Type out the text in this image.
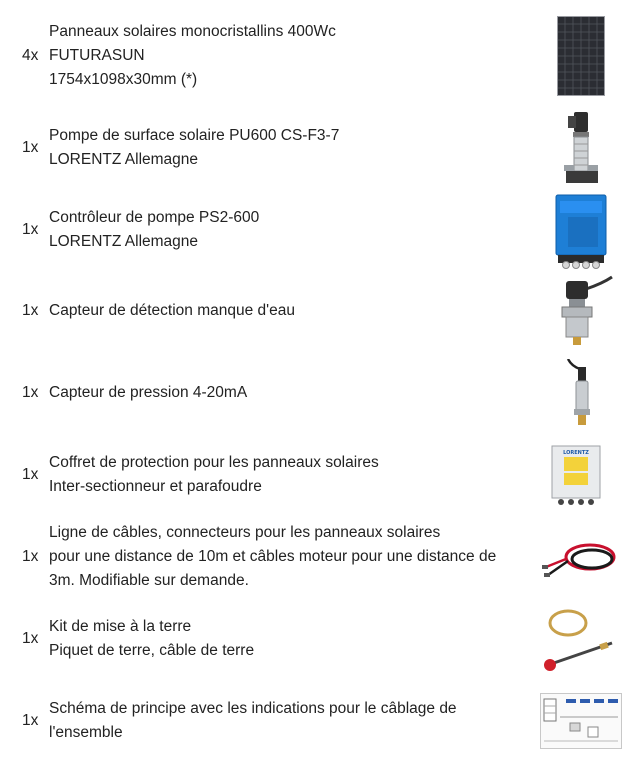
4x
Panneaux solaires monocristallins 400Wc
FUTURASUN
1754x1098x30mm (*)
1x
Pompe de surface solaire PU600 CS-F3-7
LORENTZ Allemagne
1x
Contrôleur de pompe PS2-600
LORENTZ Allemagne
1x Capteur de détection manque d'eau
1x Capteur de pression 4-20mA
1x
Coffret de protection pour les panneaux solaires
Inter-sectionneur et parafoudre
LORENTZ
1x
Ligne de câbles, connecteurs pour les panneaux solaires
pour une distance de 10m et câbles moteur pour une distance de
3m. Modifiable sur demande.
1x
Kit de mise à la terre
Piquet de terre, câble de terre
1x
Schéma de principe avec les indications pour le câblage de
l'ensemble
